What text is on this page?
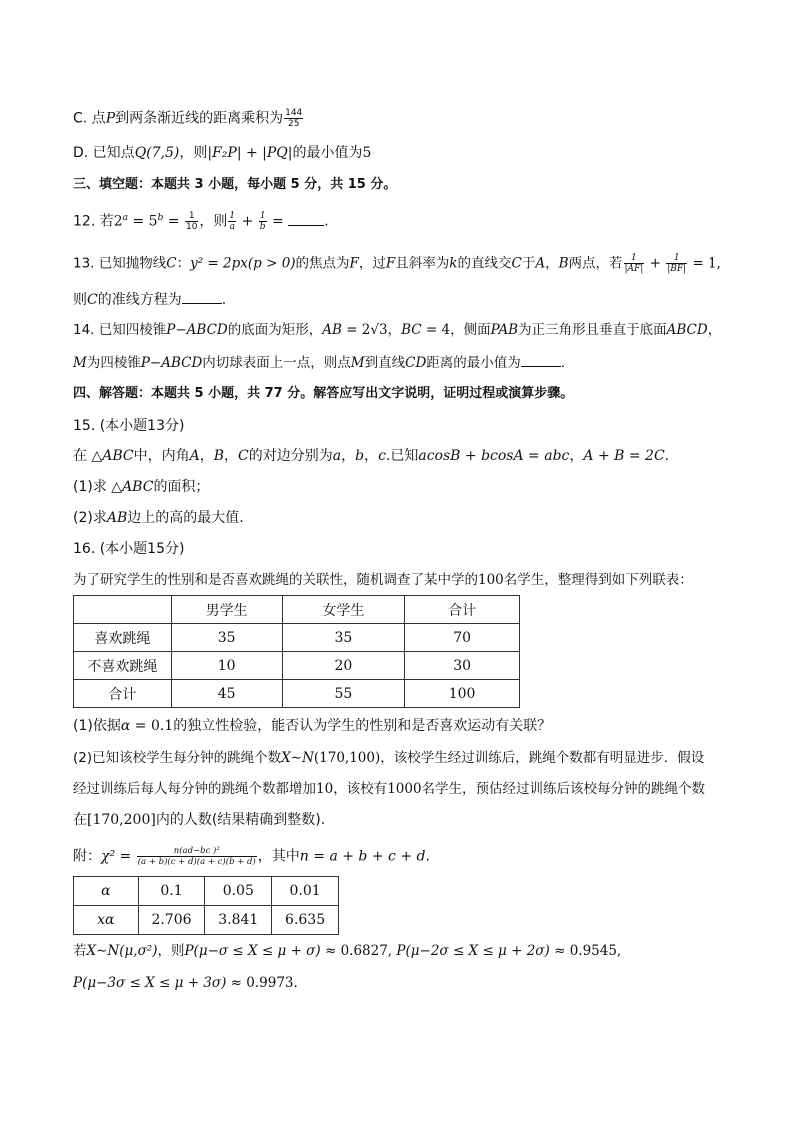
C. 点P到两条渐近线的距离乘积为 $\frac{144}{25}$
D. 已知点Q(7,5)，则|F₂P| + |PQ|的最小值为5
三、填空题：本题共 3 小题，每小题 5 分，共 15 分。
12. 若$2^a = 5^b = \frac{1}{10}$ ，则 $\frac{1}{a} + \frac{1}{b}$ =	.
13. 已知抛物线C：y² = 2px(p > 0)的焦点为F，过F且斜率为k的直线交C于A，B两点，若 $\frac{1}{|AF|} + \frac{1}{|BF|} = 1$,
则C的准线方程为	.
14. 已知四棱锥P−ABCD的底面为矩形，AB = 2√3，BC = 4，侧面PAB为正三角形且垂直于底面ABCD，
M为四棱锥P−ABCD内切球表面上一点，则点M到直线CD距离的最小值为	.
四、解答题：本题共 5 小题，共 77 分。解答应写出文字说明，证明过程或演算步骤。
15. (本小题13分)
在 △ABC中，内角A，B，C的对边分别为a，b，c.已知acosB + bcosA = abc，A + B = 2C.
(1)求 △ABC的面积；
(2)求AB边上的高的最大值.
16. (本小题15分)
为了研究学生的性别和是否喜欢跳绳的关联性，随机调查了某中学的100名学生，整理得到如下列联表：
	男学生	女学生	合计
喜欢跳绳	35	35	70
不喜欢跳绳	10	20	30
合计	45	55	100
(1)依据α = 0.1的独立性检验，能否认为学生的性别和是否喜欢运动有关联？
(2)已知该校学生每分钟的跳绳个数X∼N(170,100)，该校学生经过训练后，跳绳个数都有明显进步．假设
经过训练后每人每分钟的跳绳个数都增加10，该校有1000名学生，预估经过训练后该校每分钟的跳绳个数
在[170,200]内的人数(结果精确到整数).
附：$\chi^2 = \frac{\text{n(ad−bc )²}}{(a + b)(c + d)(a + c)(b + d)}$ ，其中n = a + b + c + d.
α	0.1	0.05	0.01
xα	2.706	3.841	6.635
若X∼N(μ,σ²)，则P(μ−σ ≤ X ≤ μ + σ) ≈ 0.6827, P(μ−2σ ≤ X ≤ μ + 2σ) ≈ 0.9545,
P(μ−3σ ≤ X ≤ μ + 3σ) ≈ 0.9973.
